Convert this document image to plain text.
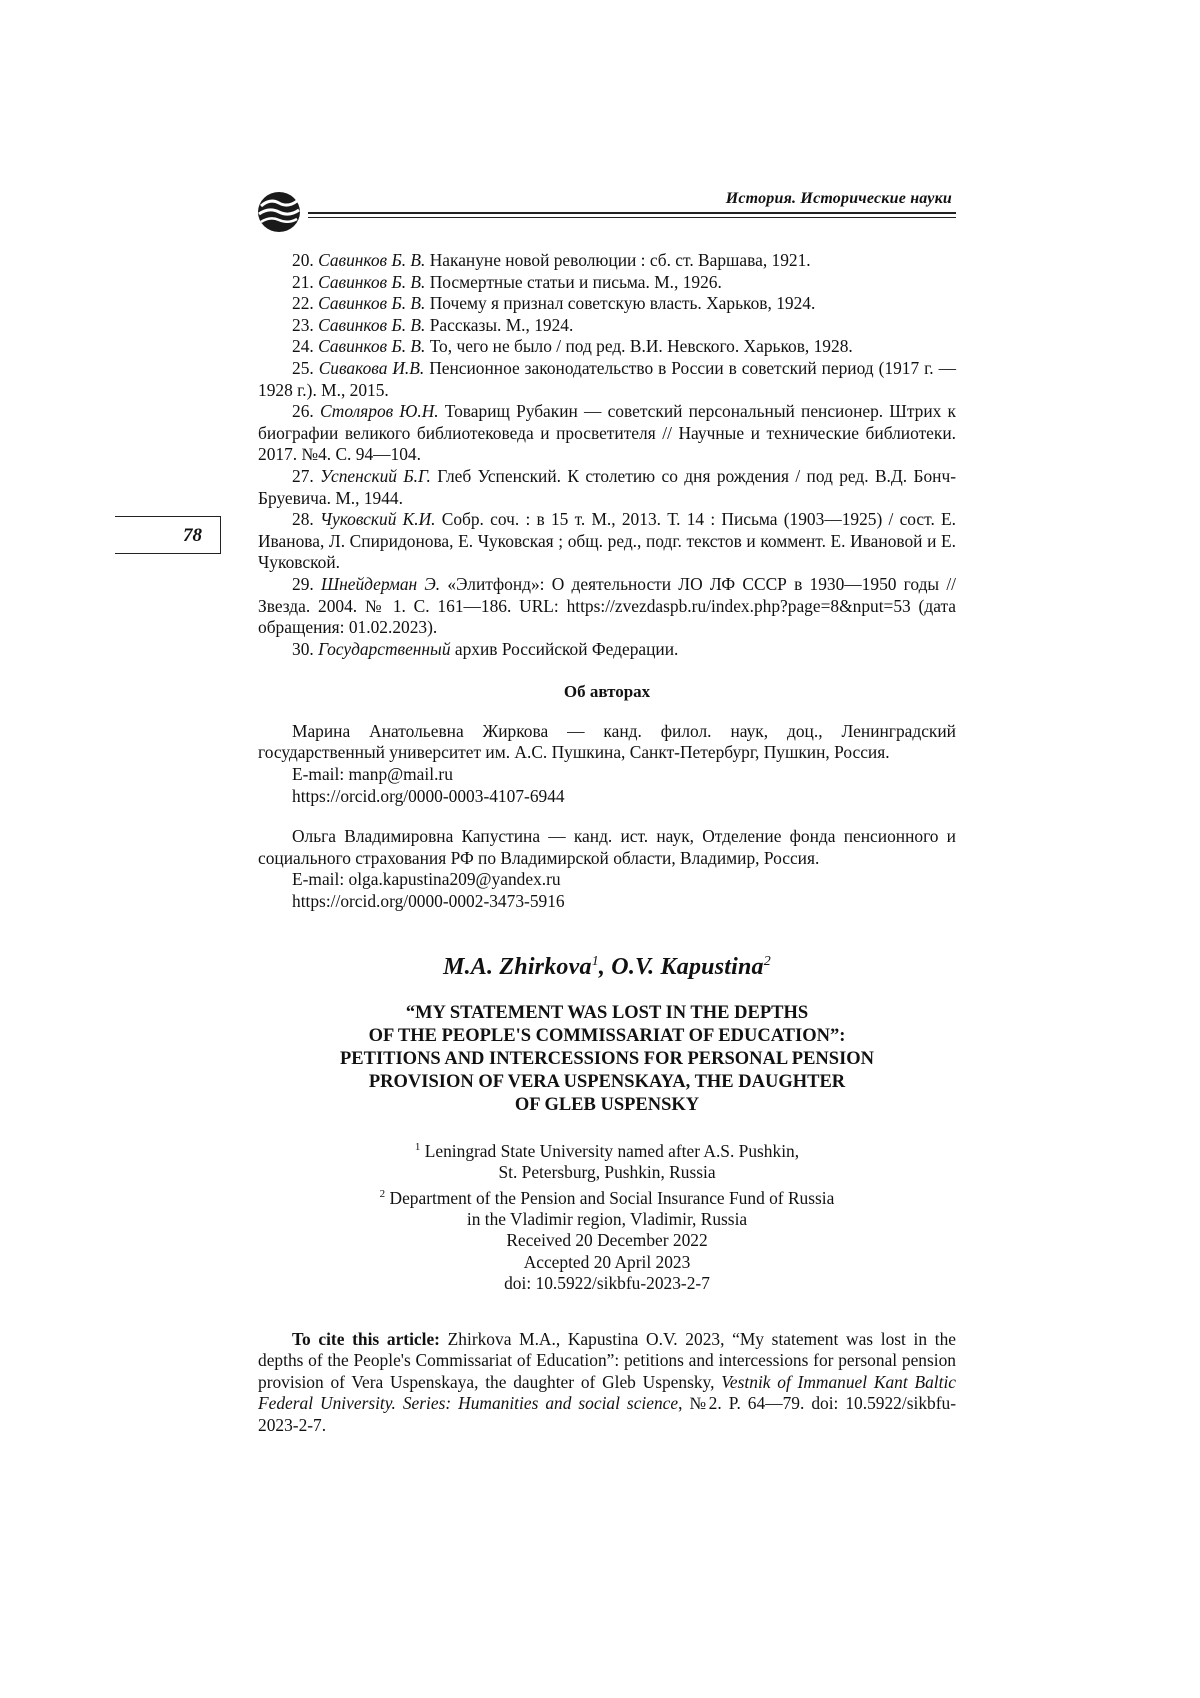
История. Исторические науки
78

20. Савинков Б. В. Накануне новой революции : сб. ст. Варшава, 1921.

21. Савинков Б. В. Посмертные статьи и письма. М., 1926.

22. Савинков Б. В. Почему я признал советскую власть. Харьков, 1924.

23. Савинков Б. В. Рассказы. М., 1924.

24. Савинков Б. В. То, чего не было / под ред. В.И. Невского. Харьков, 1928.

25. Сивакова И.В. Пенсионное законодательство в России в советский период (1917 г. — 1928 г.). М., 2015.

26. Столяров Ю.Н. Товарищ Рубакин — советский персональный пенсионер. Штрих к биографии великого библиотековеда и просветителя // Научные и технические библиотеки. 2017. №4. С. 94—104.

27. Успенский Б.Г. Глеб Успенский. К столетию со дня рождения / под ред. В.Д. Бонч-Бруевича. М., 1944.

28. Чуковский К.И. Собр. соч. : в 15 т. М., 2013. Т. 14 : Письма (1903—1925) / сост. Е. Иванова, Л. Спиридонова, Е. Чуковская ; общ. ред., подг. текстов и коммент. Е. Ивановой и Е. Чуковской.

29. Шнейдерман Э. «Элитфонд»: О деятельности ЛО ЛФ СССР в 1930—1950 годы // Звезда. 2004. № 1. С. 161—186. URL: https://zvezdaspb.ru/index.php?page=8&nput=53 (дата обращения: 01.02.2023).

30. Государственный архив Российской Федерации.

Об авторах

Марина Анатольевна Жиркова — канд. филол. наук, доц., Ленинградский государственный университет им. А.С. Пушкина, Санкт-Петербург, Пушкин, Россия.

E-mail: manp@mail.ru

https://orcid.org/0000-0003-4107-6944

Ольга Владимировна Капустина — канд. ист. наук, Отделение фонда пенсионного и социального страхования РФ по Владимирской области, Владимир, Россия.

E-mail: olga.kapustina209@yandex.ru

https://orcid.org/0000-0002-3473-5916

M.A. Zhirkova$^1$, O.V. Kapustina$^2$
“MY STATEMENT WAS LOST IN THE DEPTHS
OF THE PEOPLE'S COMMISSARIAT OF EDUCATION”:
PETITIONS AND INTERCESSIONS FOR PERSONAL PENSION
PROVISION OF VERA USPENSKAYA, THE DAUGHTER
OF GLEB USPENSKY
$^1$ Leningrad State University named after A.S. Pushkin,
St. Petersburg, Pushkin, Russia
$^2$ Department of the Pension and Social Insurance Fund of Russia
in the Vladimir region, Vladimir, Russia
Received 20 December 2022
Accepted 20 April 2023
doi: 10.5922/sikbfu-2023-2-7

To cite this article: Zhirkova M.A., Kapustina O.V. 2023, “My statement was lost in the depths of the People's Commissariat of Education”: petitions and intercessions for personal pension provision of Vera Uspenskaya, the daughter of Gleb Uspensky, Vestnik of Immanuel Kant Baltic Federal University. Series: Humanities and social science, №2. P. 64—79. doi: 10.5922/sikbfu-2023-2-7.
